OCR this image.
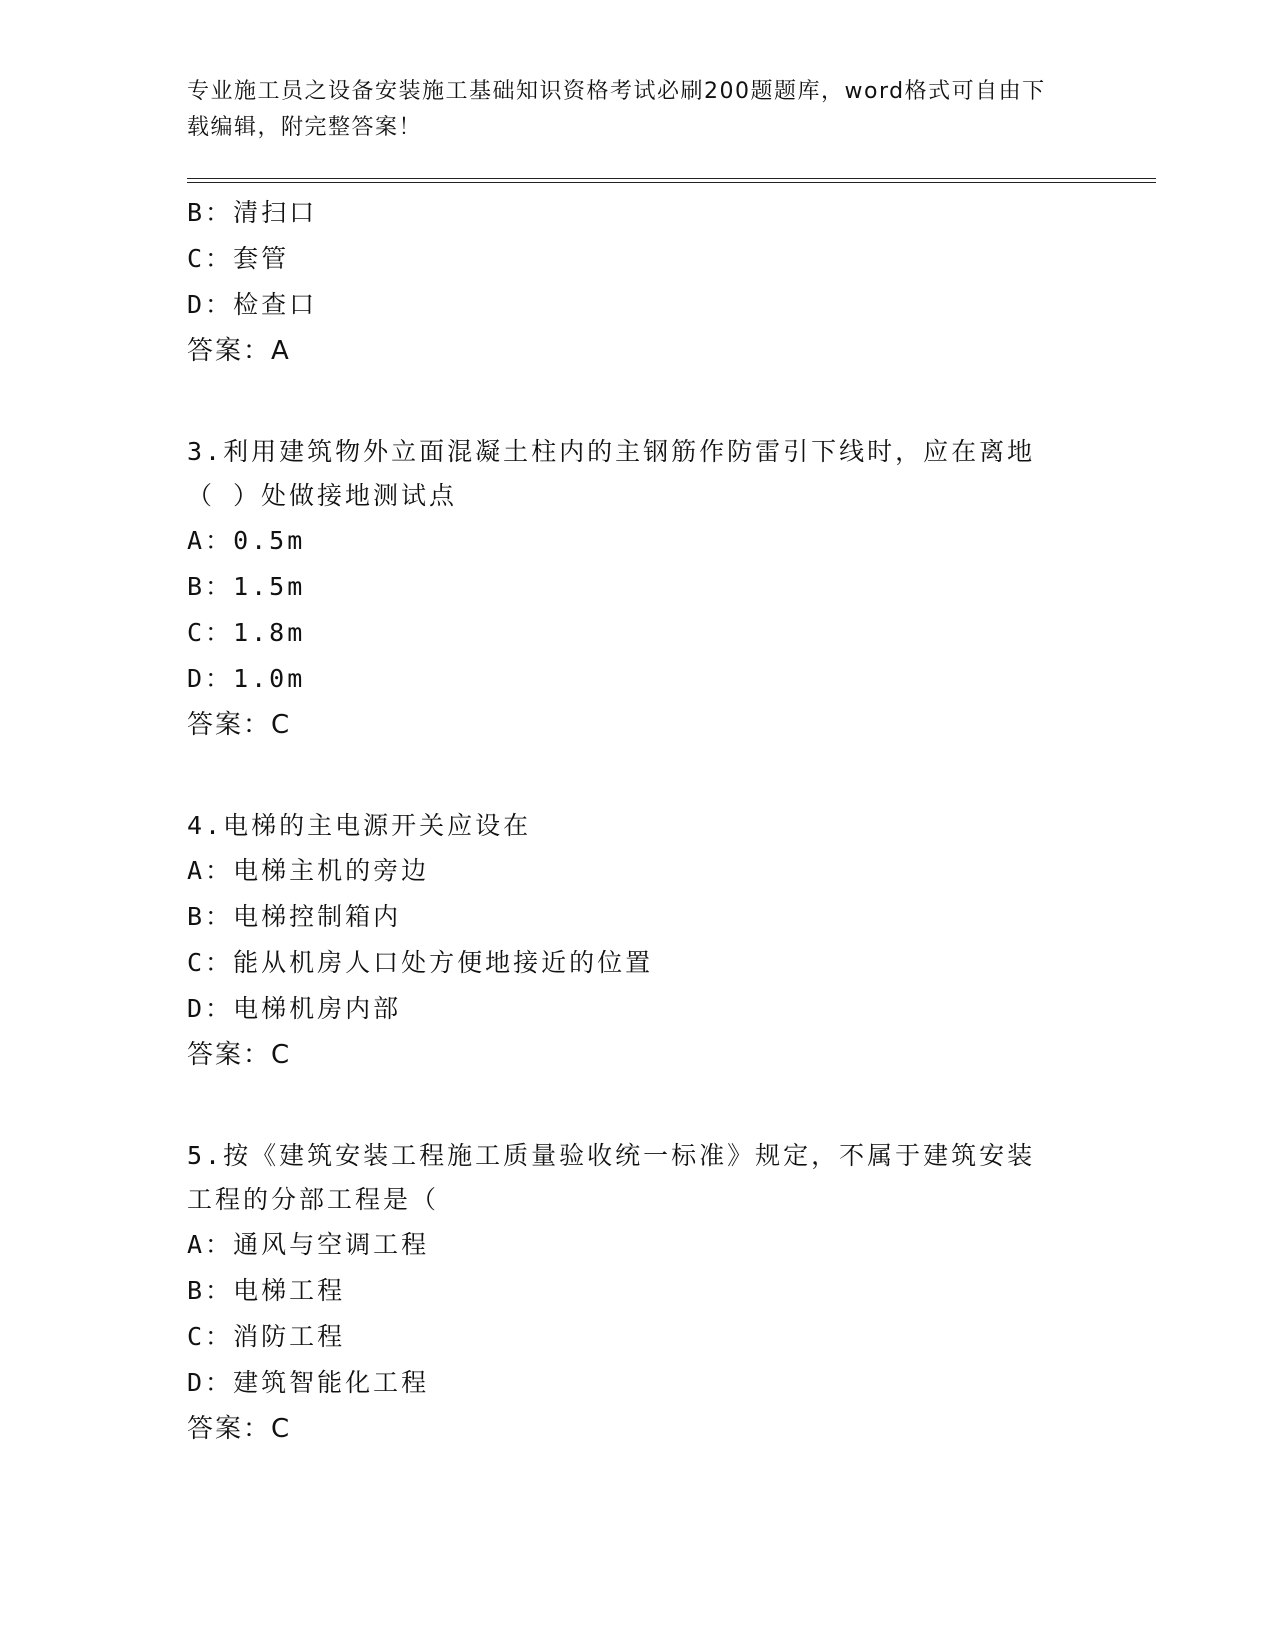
专业施工员之设备安装施工基础知识资格考试必刷200题题库，word格式可自由下载编辑，附完整答案！
B：清扫口
C：套管
D：检查口
答案：A
3.利用建筑物外立面混凝土柱内的主钢筋作防雷引下线时，应在离地（ ）处做接地测试点
A：0.5m
B：1.5m
C：1.8m
D：1.0m
答案：C
4.电梯的主电源开关应设在
A：电梯主机的旁边
B：电梯控制箱内
C：能从机房人口处方便地接近的位置
D：电梯机房内部
答案：C
5.按《建筑安装工程施工质量验收统一标准》规定，不属于建筑安装工程的分部工程是（
A：通风与空调工程
B：电梯工程
C：消防工程
D：建筑智能化工程
答案：C
